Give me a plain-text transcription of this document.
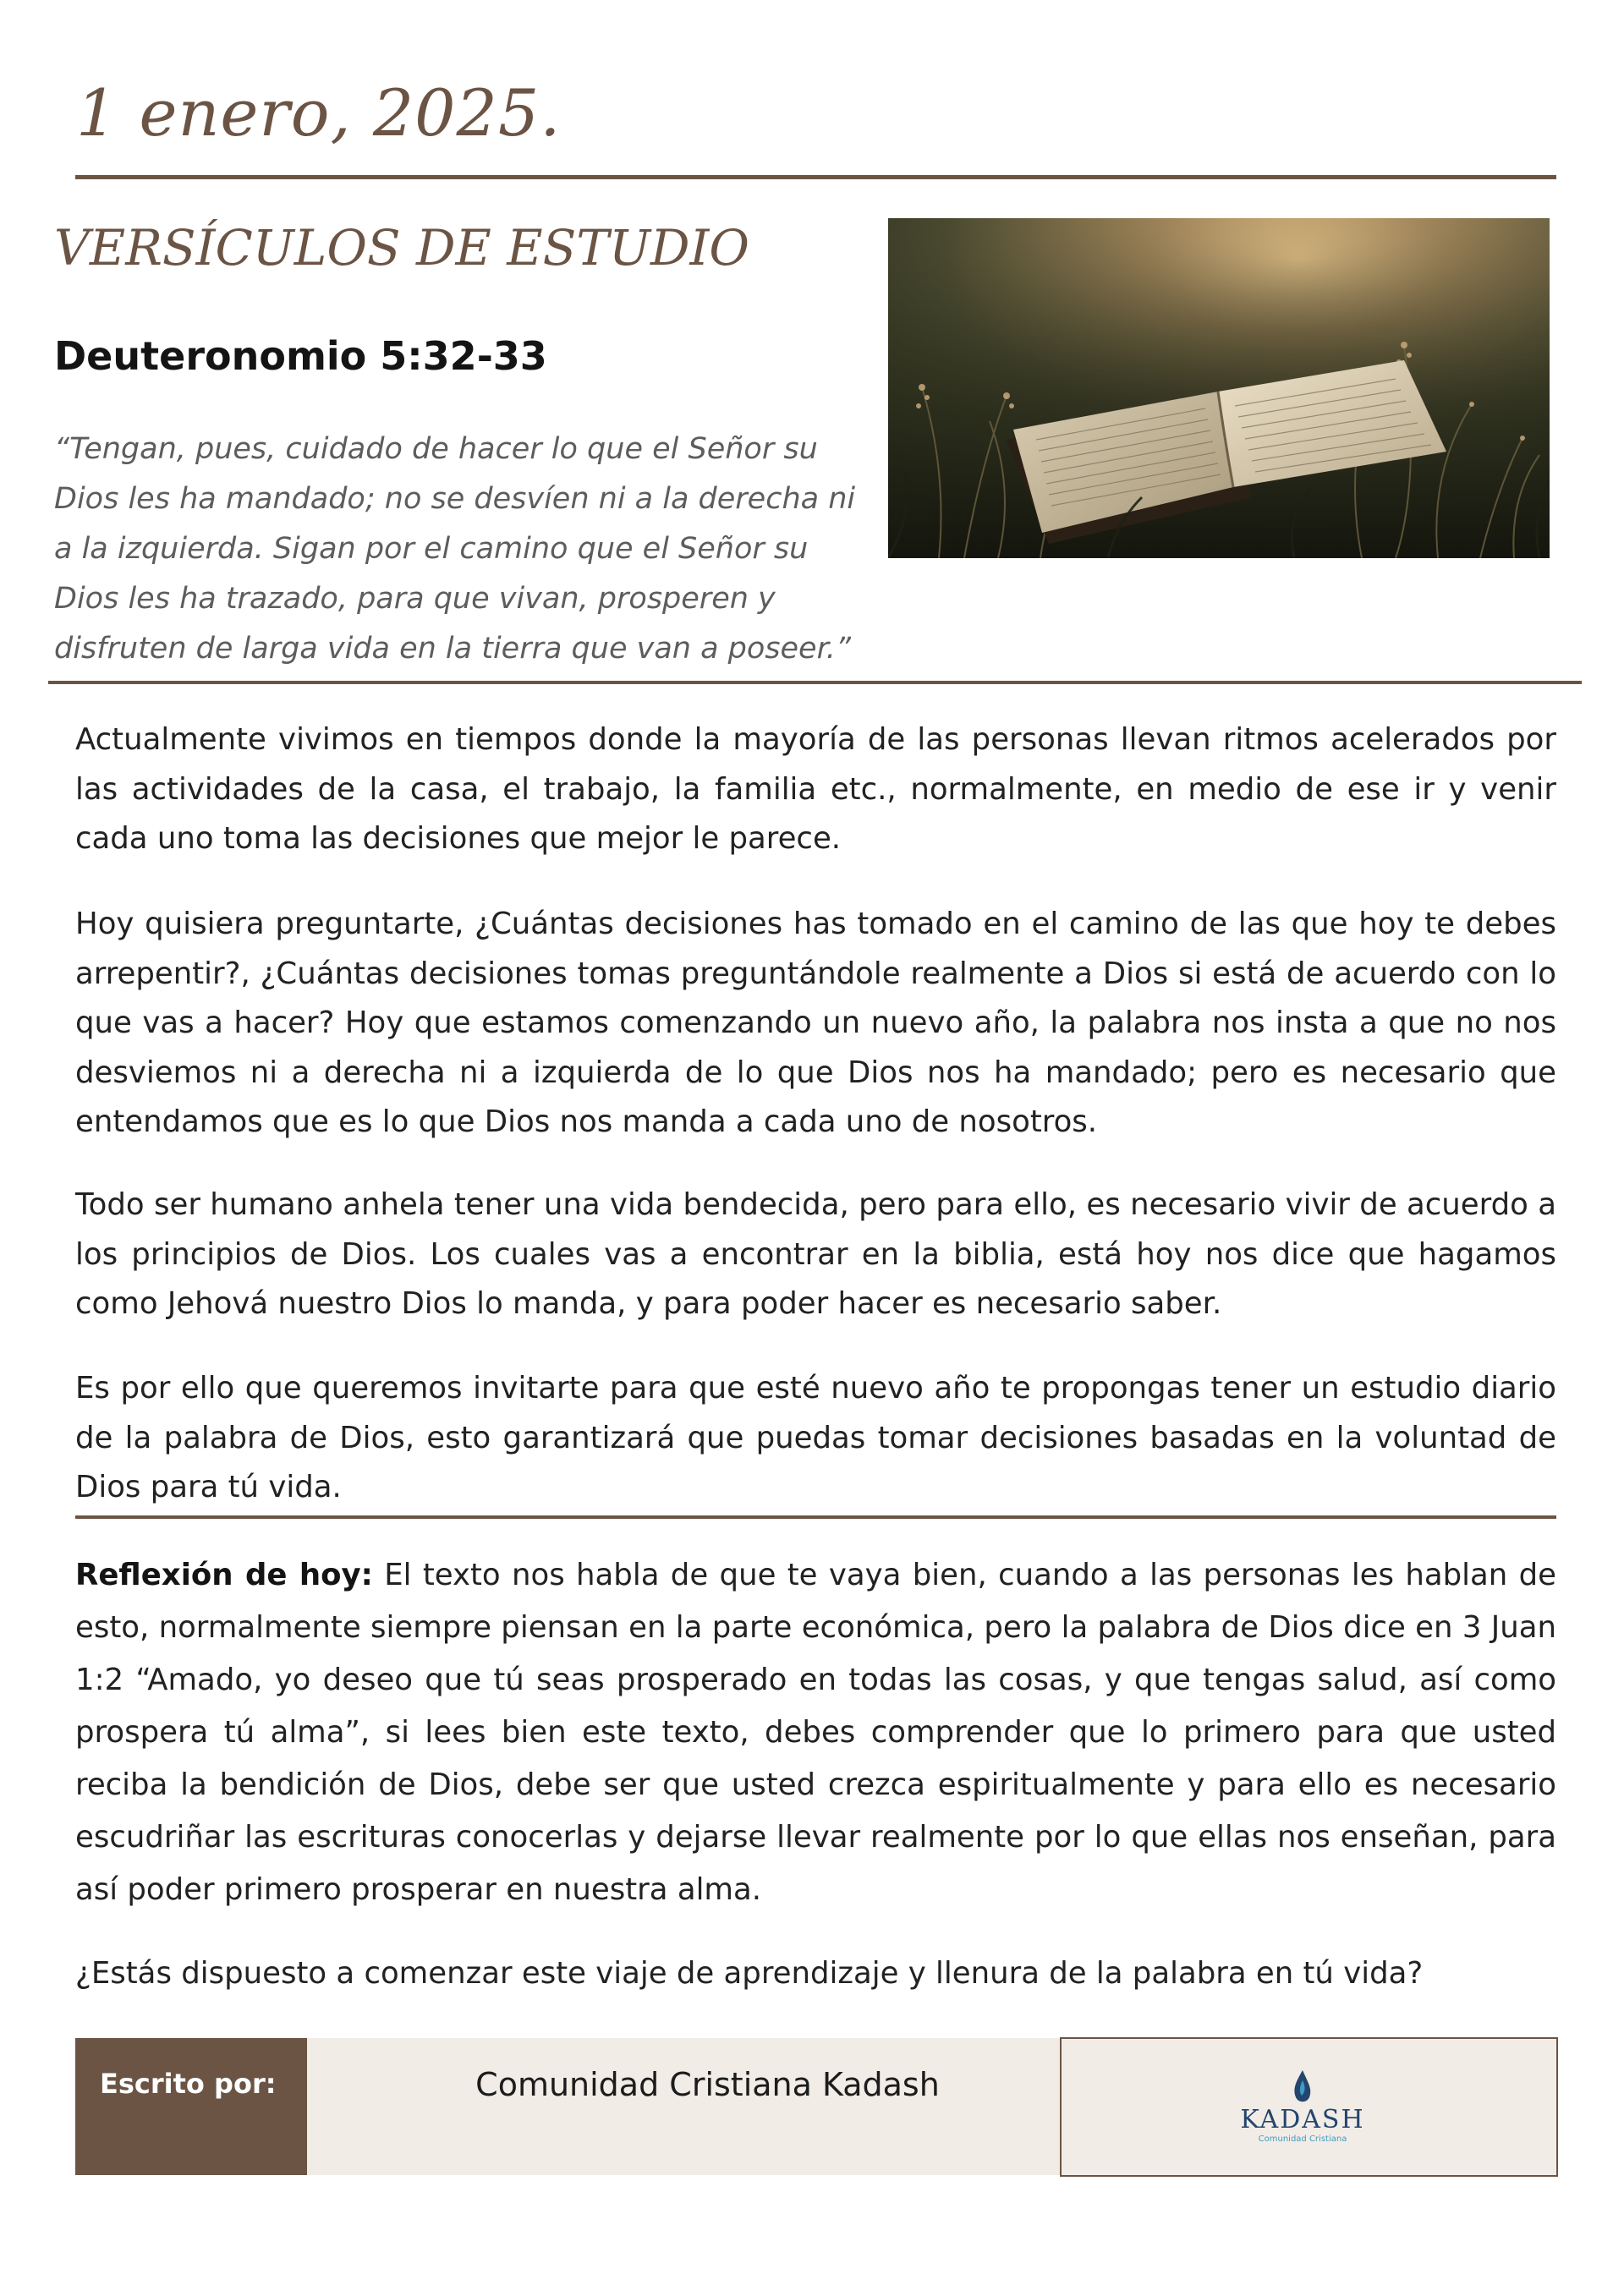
1 enero, 2025.
VERSÍCULOS DE ESTUDIO
Deuteronomio 5:32-33
“Tengan, pues, cuidado de hacer lo que el Señor su Dios les ha mandado; no se desvíen ni a la derecha ni a la izquierda. Sigan por el camino que el Señor su Dios les ha trazado, para que vivan, prosperen y disfruten de larga vida en la tierra que van a poseer.”

Actualmente vivimos en tiempos donde la mayoría de las personas llevan ritmos acelerados por las actividades de la casa, el trabajo, la familia etc., normalmente, en medio de ese ir y venir cada uno toma las decisiones que mejor le parece.

Hoy quisiera preguntarte, ¿Cuántas decisiones has tomado en el camino de las que hoy te debes arrepentir?, ¿Cuántas decisiones tomas preguntándole realmente a Dios si está de acuerdo con lo que vas a hacer? Hoy que estamos comenzando un nuevo año, la palabra nos insta a que no nos desviemos ni a derecha ni a izquierda de lo que Dios nos ha mandado; pero es necesario que entendamos que es lo que Dios nos manda a cada uno de nosotros.

Todo ser humano anhela tener una vida bendecida, pero para ello, es necesario vivir de acuerdo a los principios de Dios. Los cuales vas a encontrar en la biblia, está hoy nos dice que hagamos como Jehová nuestro Dios lo manda, y para poder hacer es necesario saber.

Es por ello que queremos invitarte para que esté nuevo año te propongas tener un estudio diario de la palabra de Dios, esto garantizará que puedas tomar decisiones basadas en la voluntad de Dios para tú vida.

Reflexión de hoy: El texto nos habla de que te vaya bien, cuando a las personas les hablan de esto, normalmente siempre piensan en la parte económica, pero la palabra de Dios dice en 3 Juan 1:2 “Amado, yo deseo que tú seas prosperado en todas las cosas, y que tengas salud, así como prospera tú alma”, si lees bien este texto, debes comprender que lo primero para que usted reciba la bendición de Dios, debe ser que usted crezca espiritualmente y para ello es necesario escudriñar las escrituras conocerlas y dejarse llevar realmente por lo que ellas nos enseñan, para así poder primero prosperar en nuestra alma.

¿Estás dispuesto a comenzar este viaje de aprendizaje y llenura de la palabra en tú vida?

Escrito por:	Comunidad Cristiana Kadash
KADASH
Comunidad Cristiana
